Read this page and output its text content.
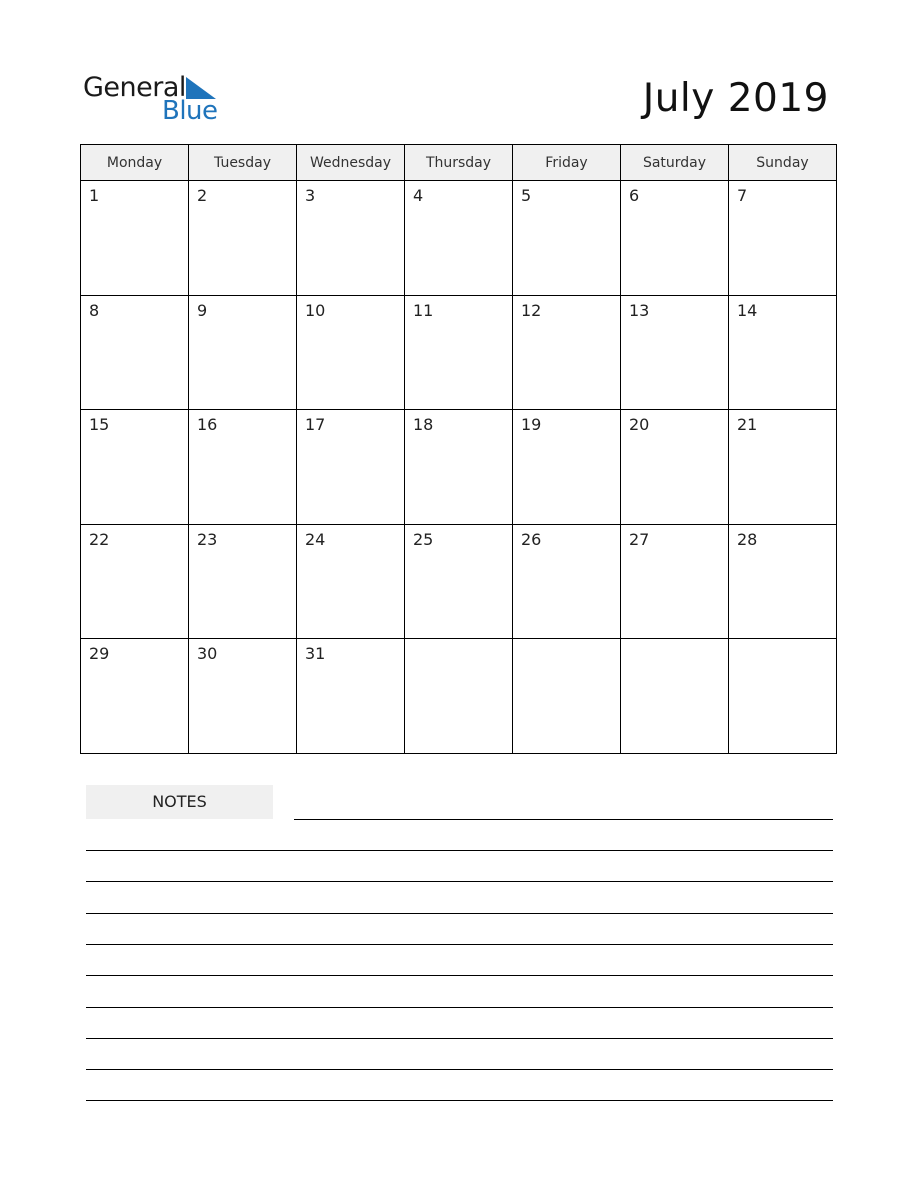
General
Blue	July 2019
Monday	Tuesday	Wednesday	Thursday	Friday	Saturday	Sunday

1	2	3	4	5	6	7

8	9	10	11	12	13	14

15	16	17	18	19	20	21

22	23	24	25	26	27	28

29	30	31				

NOTES
